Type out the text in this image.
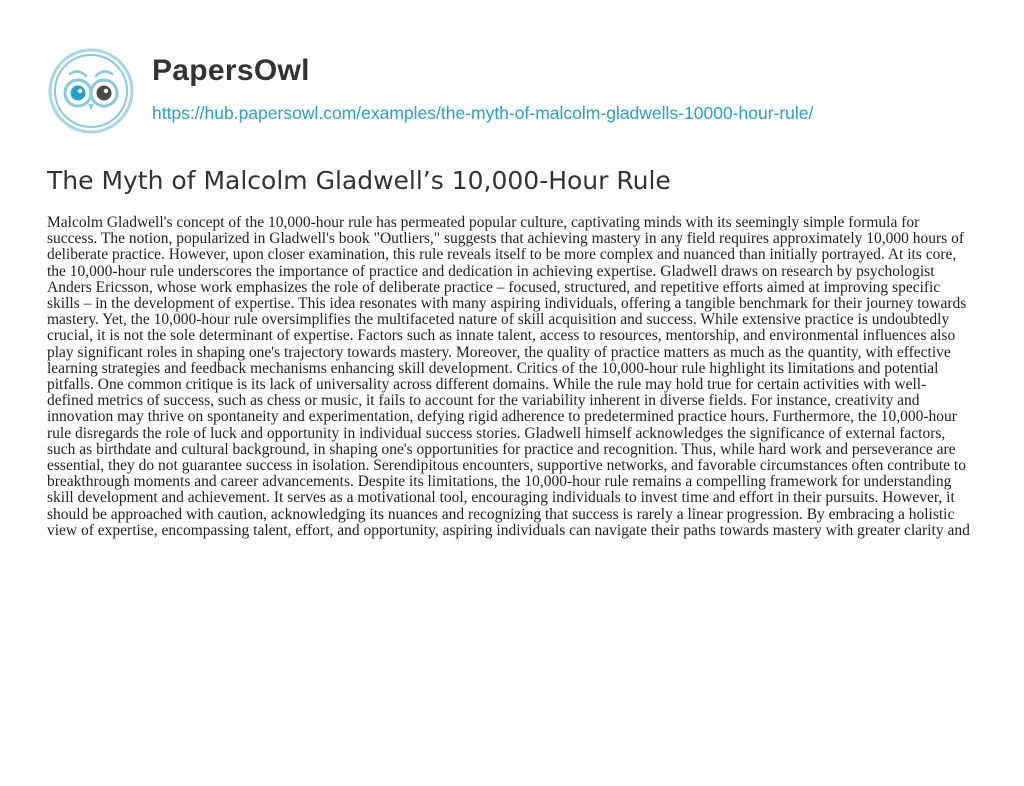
PapersOwl
https://hub.papersowl.com/examples/the-myth-of-malcolm-gladwells-10000-hour-rule/
The Myth of Malcolm Gladwell’s 10,000-Hour Rule

Malcolm Gladwell's concept of the 10,000-hour rule has permeated popular culture, captivating minds with its seemingly simple formula for success. The notion, popularized in Gladwell's book "Outliers," suggests that achieving mastery in any field requires approximately 10,000 hours of deliberate practice. However, upon closer examination, this rule reveals itself to be more complex and nuanced than initially portrayed. At its core, the 10,000-hour rule underscores the importance of practice and dedication in achieving expertise. Gladwell draws on research by psychologist Anders Ericsson, whose work emphasizes the role of deliberate practice – focused, structured, and repetitive efforts aimed at improving specific skills – in the development of expertise. This idea resonates with many aspiring individuals, offering a tangible benchmark for their journey towards mastery. Yet, the 10,000-hour rule oversimplifies the multifaceted nature of skill acquisition and success. While extensive practice is undoubtedly crucial, it is not the sole determinant of expertise. Factors such as innate talent, access to resources, mentorship, and environmental influences also play significant roles in shaping one's trajectory towards mastery. Moreover, the quality of practice matters as much as the quantity, with effective learning strategies and feedback mechanisms enhancing skill development. Critics of the 10,000-hour rule highlight its limitations and potential pitfalls. One common critique is its lack of universality across different domains. While the rule may hold true for certain activities with well-defined metrics of success, such as chess or music, it fails to account for the variability inherent in diverse fields. For instance, creativity and innovation may thrive on spontaneity and experimentation, defying rigid adherence to predetermined practice hours. Furthermore, the 10,000-hour rule disregards the role of luck and opportunity in individual success stories. Gladwell himself acknowledges the significance of external factors, such as birthdate and cultural background, in shaping one's opportunities for practice and recognition. Thus, while hard work and perseverance are essential, they do not guarantee success in isolation. Serendipitous encounters, supportive networks, and favorable circumstances often contribute to breakthrough moments and career advancements. Despite its limitations, the 10,000-hour rule remains a compelling framework for understanding skill development and achievement. It serves as a motivational tool, encouraging individuals to invest time and effort in their pursuits. However, it should be approached with caution, acknowledging its nuances and recognizing that success is rarely a linear progression. By embracing a holistic view of expertise, encompassing talent, effort, and opportunity, aspiring individuals can navigate their paths towards mastery with greater clarity and
